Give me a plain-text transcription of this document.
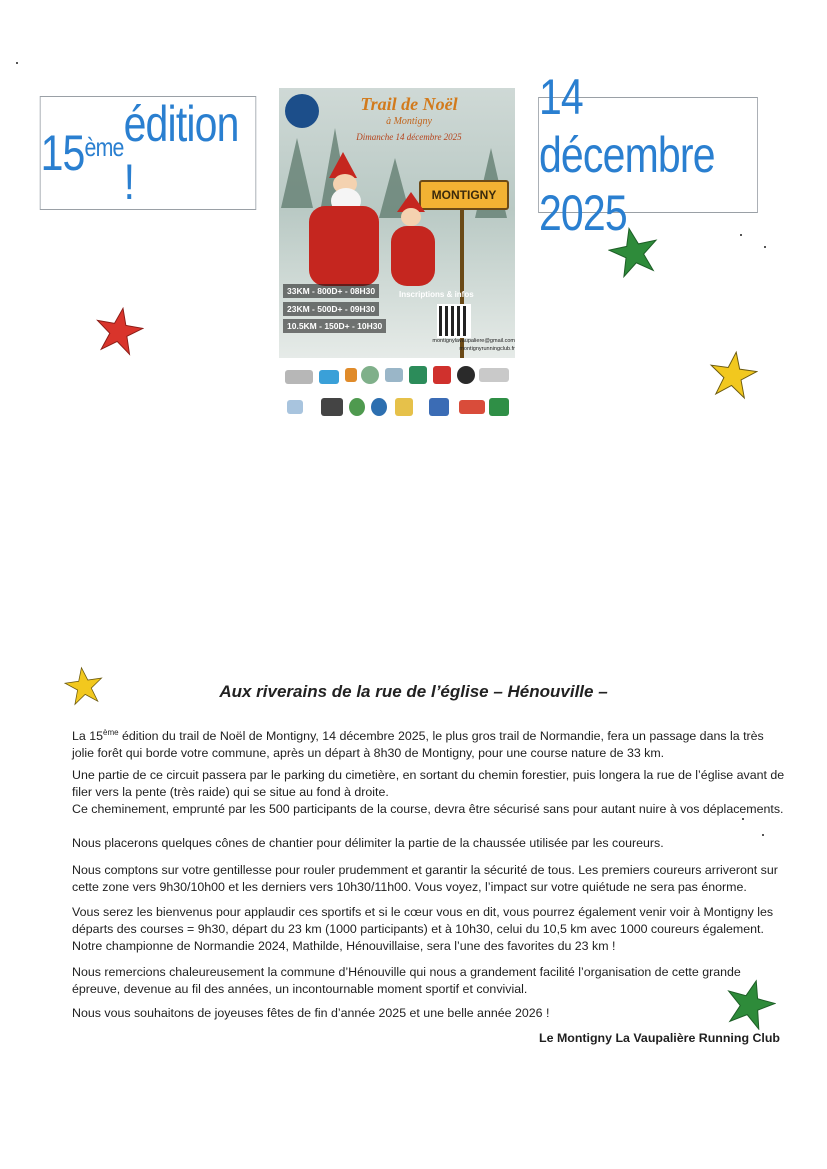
15ème édition !
14 décembre 2025
Trail de Noël
à Montigny
Dimanche 14 décembre 2025
MONTIGNY
33KM - 800D+ - 08H30
23KM - 500D+ - 09H30
10.5KM - 150D+ - 10H30
Inscriptions & infos
montignylavaupaliere@gmail.com
montignyrunningclub.fr
Aux riverains de la rue de l’église – Hénouville –
La 15ème édition du trail de Noël de Montigny, 14 décembre 2025, le plus gros trail de Normandie, fera un passage dans la très jolie forêt qui borde votre commune, après un départ à 8h30 de Montigny, pour une course nature de 33 km.
Une partie de ce circuit passera par le parking du cimetière, en sortant du chemin forestier, puis longera la rue de l’église avant de filer vers la pente (très raide) qui se situe au fond à droite.
Ce cheminement, emprunté par les 500 participants de la course, devra être sécurisé sans pour autant nuire à vos déplacements.
Nous placerons quelques cônes de chantier pour délimiter la partie de la chaussée utilisée par les coureurs.
Nous comptons sur votre gentillesse pour rouler prudemment et garantir la sécurité de tous. Les premiers coureurs arriveront sur cette zone vers 9h30/10h00 et les derniers vers 10h30/11h00. Vous voyez, l’impact sur votre quiétude ne sera pas énorme.
Vous serez les bienvenus pour applaudir ces sportifs et si le cœur vous en dit, vous pourrez également venir voir à Montigny les départs des courses = 9h30, départ du 23 km (1000 participants) et à 10h30, celui du 10,5 km avec 1000 coureurs également.
Notre championne de Normandie 2024, Mathilde, Hénouvillaise, sera l’une des favorites du 23 km !
Nous remercions chaleureusement la commune d’Hénouville qui nous a grandement facilité l’organisation de cette grande épreuve, devenue au fil des années, un incontournable moment sportif et convivial.
Nous vous souhaitons de joyeuses fêtes de fin d’année 2025 et une belle année 2026 !
Le Montigny La Vaupalière Running Club
